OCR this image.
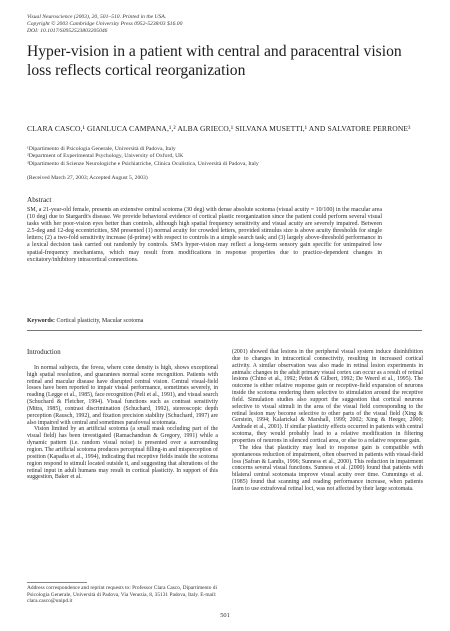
Visual Neuroscience (2003), 20, 501–510. Printed in the USA.
Copyright © 2003 Cambridge University Press 0952-5238/03 $16.00
DOI: 10.1017/S0952523803205046
Hyper-vision in a patient with central and paracentral vision loss reflects cortical reorganization
CLARA CASCO,¹ GIANLUCA CAMPANA,¹,² ALBA GRIECO,¹ SILVANA MUSETTI,¹ AND SALVATORE PERRONE³
¹Dipartimento di Psicologia Generale, Università di Padova, Italy
²Department of Experimental Psychology, University of Oxford, UK
³Dipartimento di Scienze Neurologiche e Psichiatriche, Clinica Oculistica, Università di Padova, Italy
(Received March 27, 2003; Accepted August 5, 2003)
Abstract
SM, a 21-year-old female, presents an extensive central scotoma (30 deg) with dense absolute scotoma (visual acuity = 10/100) in the macular area (10 deg) due to Stargardt's disease. We provide behavioral evidence of cortical plastic reorganization since the patient could perform several visual tasks with her poor-vision eyes better than controls, although high spatial frequency sensitivity and visual acuity are severely impaired. Between 2.5-deg and 12-deg eccentricities, SM presented (1) normal acuity for crowded letters, provided stimulus size is above acuity thresholds for single letters; (2) a two-fold sensitivity increase (d-prime) with respect to controls in a simple search task; and (3) largely above-threshold performance in a lexical decision task carried out randomly by controls. SM's hyper-vision may reflect a long-term sensory gain specific for unimpaired low spatial-frequency mechanisms, which may result from modifications in response properties due to practice-dependent changes in excitatory/inhibitory intracortical connections.
Keywords: Cortical plasticity, Macular scotoma
Introduction

In normal subjects, the fovea, where cone density is high, shows exceptional high spatial resolution, and guarantees normal scene recognition. Patients with retinal and macular disease have disrupted central vision. Central visual-field losses have been reported to impair visual performance, sometimes severely, in reading (Legge et al., 1985), face recognition (Peli et al., 1991), and visual search (Schuchard & Fletcher, 1994). Visual functions such as contrast sensitivity (Mitra, 1985), contrast discrimination (Schuchard, 1992), stereoscopic depth perception (Rausch, 1992), and fixation precision stability (Schuchard, 1997) are also impaired with central and sometimes parafoveal scotomata.

Vision limited by an artificial scotoma (a small mask occluding part of the visual field) has been investigated (Ramachandran & Gregory, 1991) while a dynamic pattern (i.e. random visual noise) is presented over a surrounding region. The artificial scotoma produces perceptual filling-in and misperception of position (Kapadia et al., 1994), indicating that receptive fields inside the scotoma region respond to stimuli located outside it, and suggesting that alterations of the retinal input in adult humans may result in cortical plasticity. In support of this suggestion, Baker et al.

Address correspondence and reprint requests to: Professor Clara Casco, Dipartimento di Psicologia Generale, Università di Padova, Via Venezia, 8, 35131 Padova, Italy. E-mail: clara.casco@unipd.it

(2001) showed that lesions in the peripheral visual system induce disinhibition due to changes in intracortical connectivity, resulting in increased cortical activity. A similar observation was also made in retinal lesion experiments in animals: changes in the adult primary visual cortex can occur as a result of retinal lesions (Chino et al., 1992; Pettet & Gilbert, 1992; De Weerd et al., 1995). The outcome is either relative response gain or receptive-field expansion of neurons inside the scotoma rendering them selective to stimulation around the receptive field. Simulation studies also support the suggestion that cortical neurons selective to visual stimuli in the area of the visual field corresponding to the retinal lesion may become selective to other parts of the visual field (Xing & Gerstein, 1994; Kalarickal & Marshall, 1999; 2002; Xing & Heeger, 2000; Andrade et al., 2001). If similar plasticity effects occurred in patients with central scotoma, they would probably lead to a relative modification in filtering properties of neurons in silenced cortical area, or else to a relative response gain.

The idea that plasticity may lead to response gain is compatible with spontaneous reduction of impairment, often observed in patients with visual-field loss (Safran & Landis, 1996; Sunness et al., 2000). This reduction in impairment concerns several visual functions. Sunness et al. (2000) found that patients with bilateral central scotomata improve visual acuity over time. Cummings et al. (1985) found that scanning and reading performance increase, when patients learn to use extrafoveal retinal loci, was not affected by their large scotomata.

501
